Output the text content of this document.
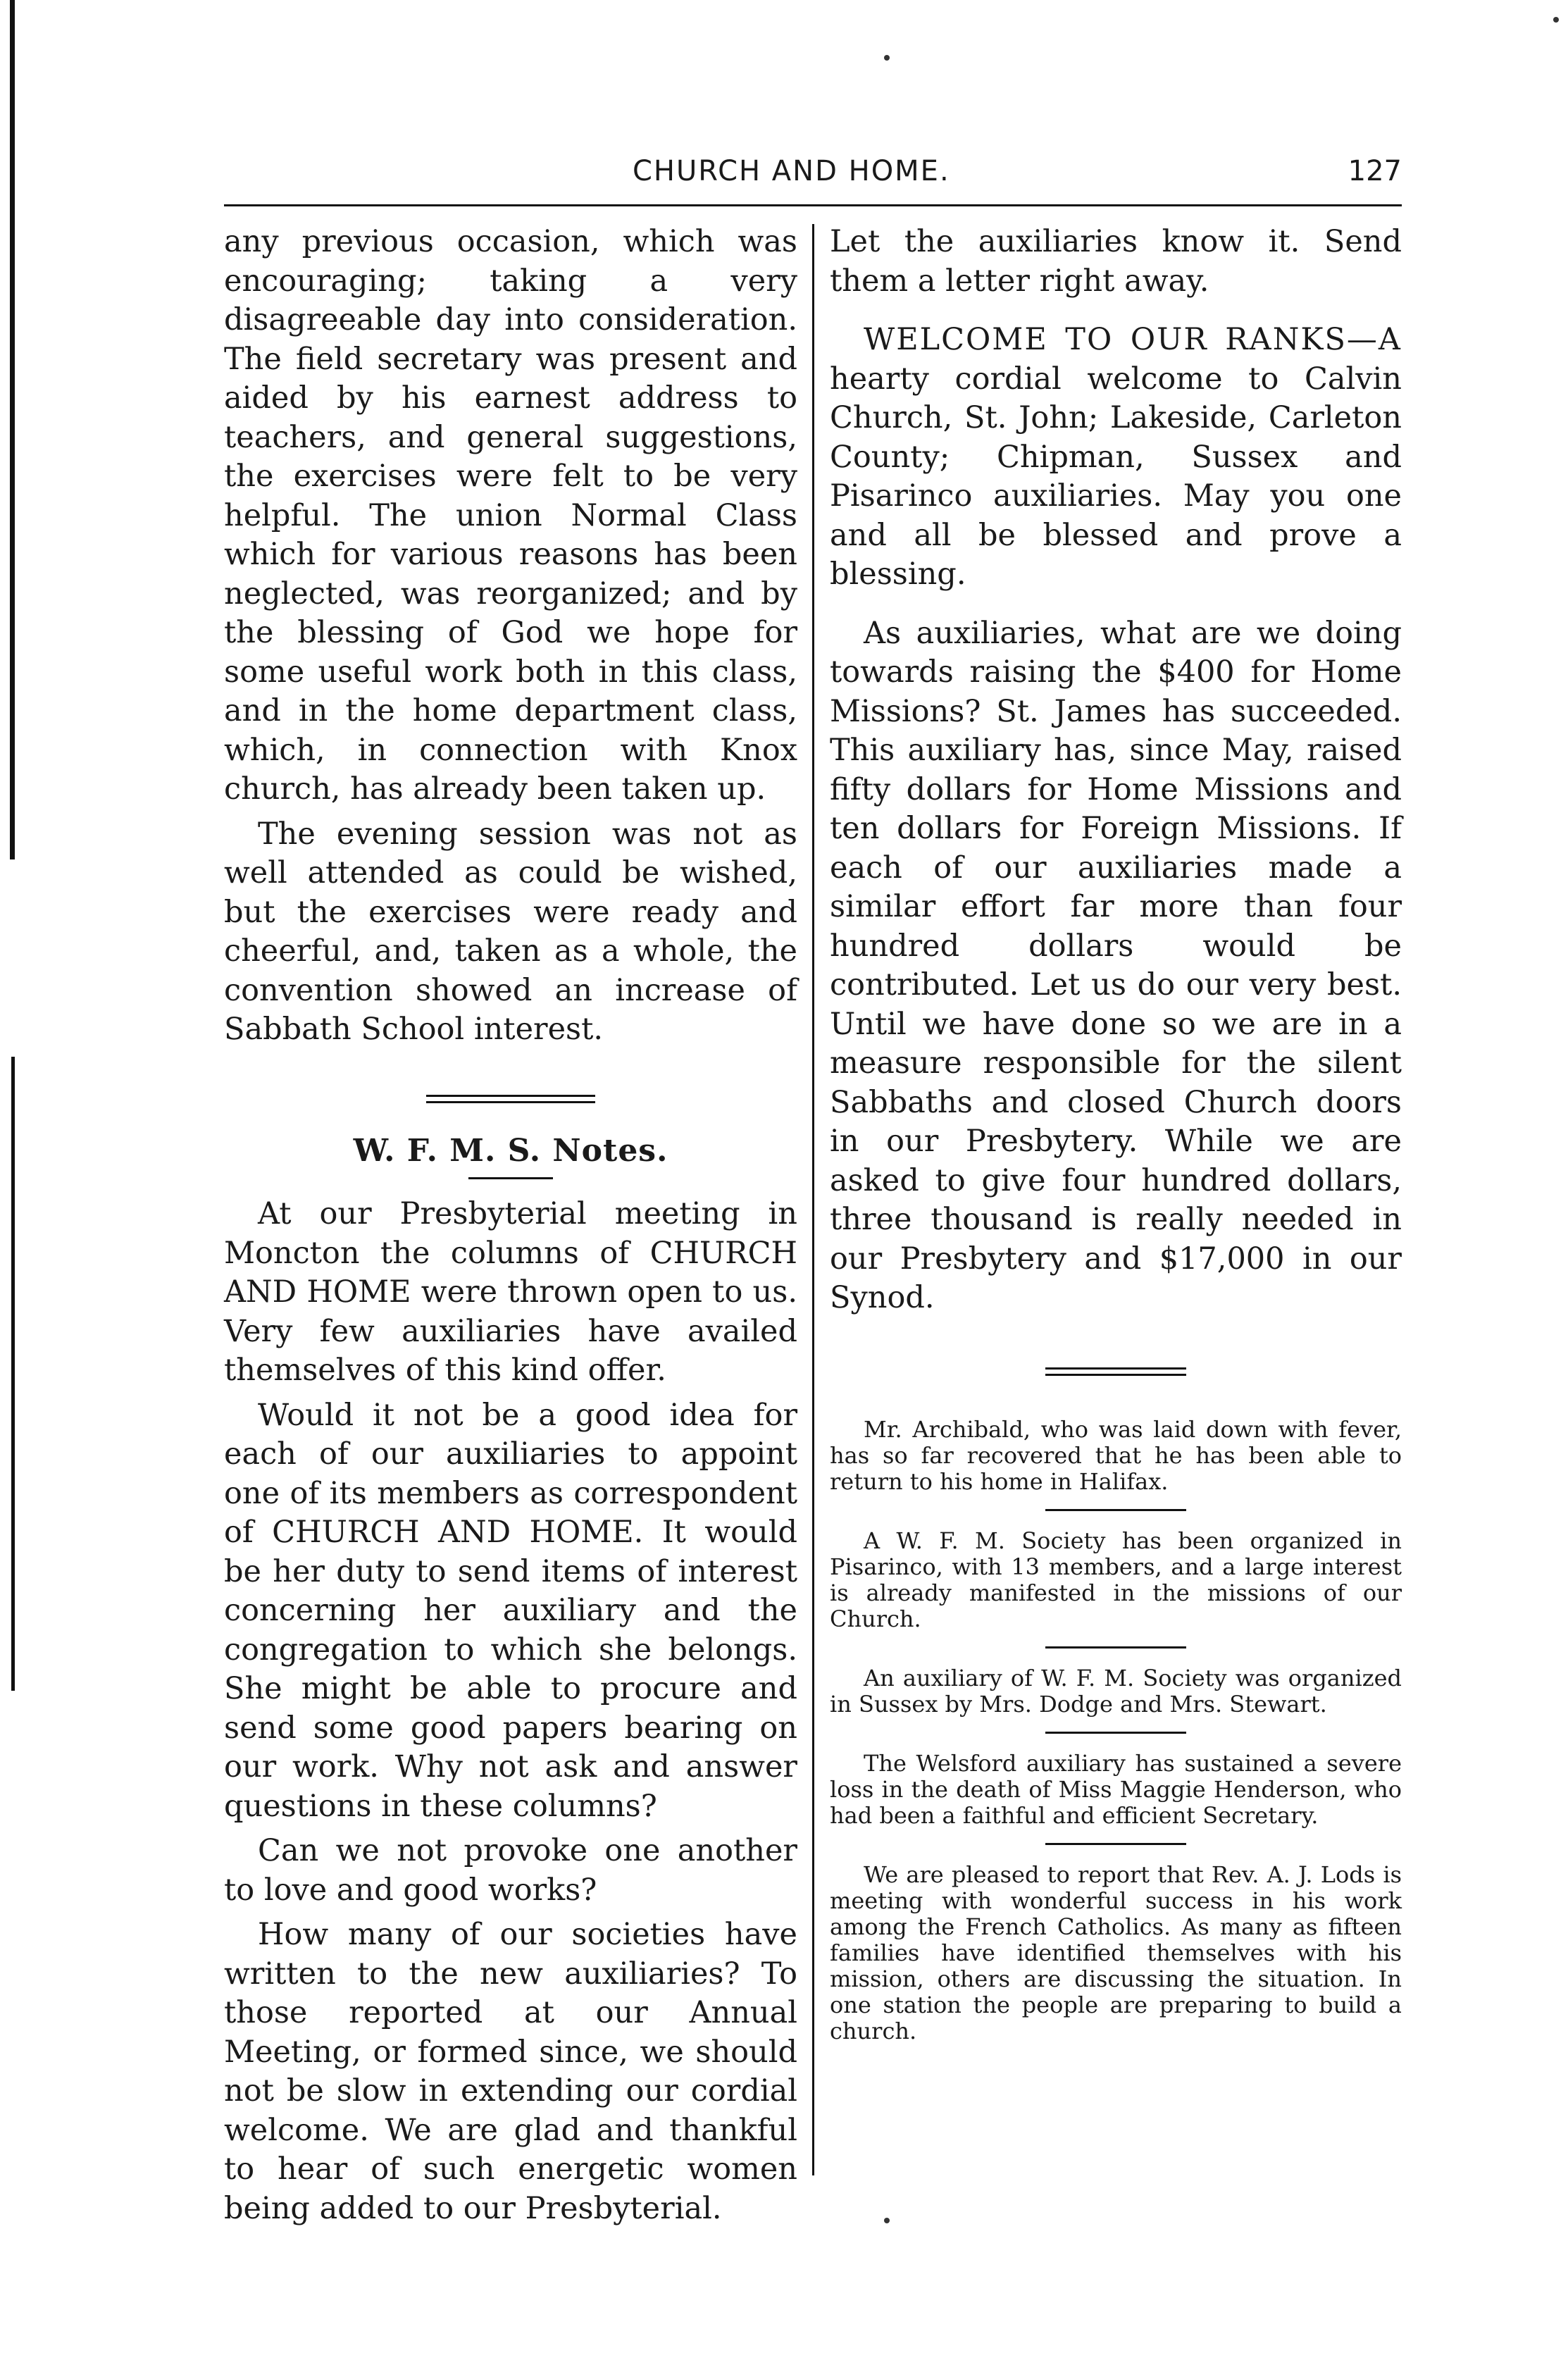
CHURCH AND HOME.	127

any previous occasion, which was encouraging; taking a very disagreeable day into consideration. The field secretary was present and aided by his earnest address to teachers, and general suggestions, the exercises were felt to be very helpful. The union Normal Class which for various reasons has been neglected, was reorganized; and by the blessing of God we hope for some useful work both in this class, and in the home department class, which, in connection with Knox church, has already been taken up.

The evening session was not as well attended as could be wished, but the exercises were ready and cheerful, and, taken as a whole, the convention showed an increase of Sabbath School interest.

W. F. M. S. Notes.

At our Presbyterial meeting in Moncton the columns of CHURCH AND HOME were thrown open to us. Very few auxiliaries have availed themselves of this kind offer.

Would it not be a good idea for each of our auxiliaries to appoint one of its members as correspondent of CHURCH AND HOME. It would be her duty to send items of interest concerning her auxiliary and the congregation to which she belongs. She might be able to procure and send some good papers bearing on our work. Why not ask and answer questions in these columns?

Can we not provoke one another to love and good works?

How many of our societies have written to the new auxiliaries? To those reported at our Annual Meeting, or formed since, we should not be slow in extending our cordial welcome. We are glad and thankful to hear of such energetic women being added to our Presbyterial.

Let the auxiliaries know it. Send them a letter right away.

WELCOME TO OUR RANKS—A hearty cordial welcome to Calvin Church, St. John; Lakeside, Carleton County; Chipman, Sussex and Pisarinco auxiliaries. May you one and all be blessed and prove a blessing.

As auxiliaries, what are we doing towards raising the $400 for Home Missions? St. James has succeeded. This auxiliary has, since May, raised fifty dollars for Home Missions and ten dollars for Foreign Missions. If each of our auxiliaries made a similar effort far more than four hundred dollars would be contributed. Let us do our very best. Until we have done so we are in a measure responsible for the silent Sabbaths and closed Church doors in our Presbytery. While we are asked to give four hundred dollars, three thousand is really needed in our Presbytery and $17,000 in our Synod.

Mr. Archibald, who was laid down with fever, has so far recovered that he has been able to return to his home in Halifax.

A W. F. M. Society has been organized in Pisarinco, with 13 members, and a large interest is already manifested in the missions of our Church.

An auxiliary of W. F. M. Society was organized in Sussex by Mrs. Dodge and Mrs. Stewart.

The Welsford auxiliary has sustained a severe loss in the death of Miss Maggie Henderson, who had been a faithful and efficient Secretary.

We are pleased to report that Rev. A. J. Lods is meeting with wonderful success in his work among the French Catholics. As many as fifteen families have identified themselves with his mission, others are discussing the situation. In one station the people are preparing to build a church.
